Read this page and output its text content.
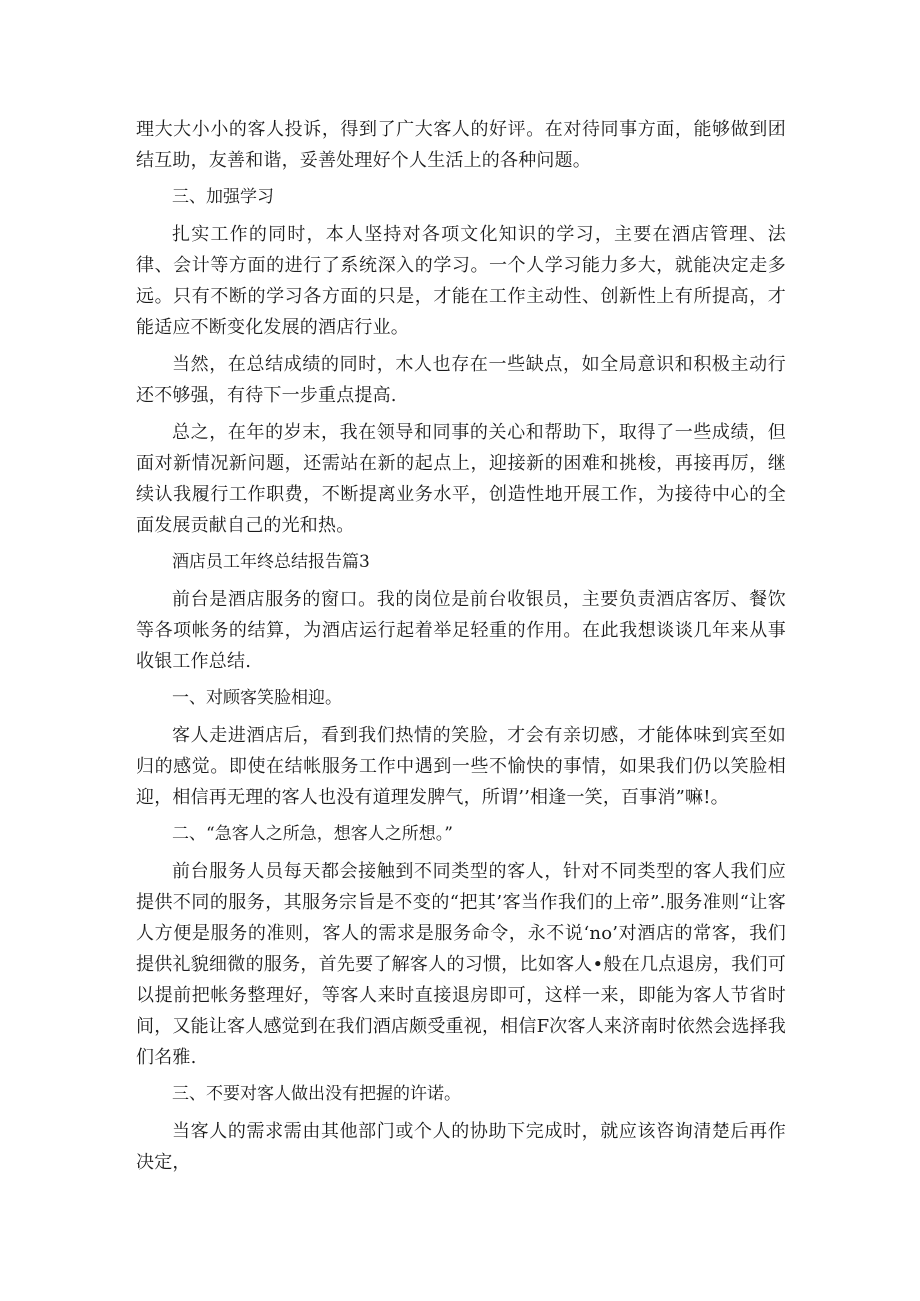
理大大小小的客人投诉，得到了广大客人的好评。在对待同事方面，能够做到团结互助，友善和谐，妥善处理好个人生活上的各种问题。

三、加强学习

扎实工作的同时，本人坚持对各项文化知识的学习，主要在酒店管理、法律、会计等方面的进行了系统深入的学习。一个人学习能力多大，就能决定走多远。只有不断的学习各方面的只是，才能在工作主动性、创新性上有所提高，才能适应不断变化发展的酒店行业。

当然，在总结成绩的同时，木人也存在一些缺点，如全局意识和积极主动行还不够强，有待下一步重点提高.

总之，在年的岁末，我在领导和同事的关心和帮助下，取得了一些成绩，但面对新情况新问题，还需站在新的起点上，迎接新的困难和挑梭，再接再厉，继续认我履行工作职费，不断提离业务水平，创造性地开展工作，为接待中心的全面发展贡献自己的光和热。

酒店员工年终总结报告篇3

前台是酒店服务的窗口。我的岗位是前台收银员，主要负责酒店客厉、餐饮等各项帐务的结算，为酒店运行起着举足轻重的作用。在此我想谈谈几年来从事收银工作总结.

一、对顾客笑脸相迎。

客人走进酒店后，看到我们热情的笑脸，才会有亲切感，才能体味到宾至如归的感觉。即使在结帐服务工作中遇到一些不愉快的事情，如果我们仍以笑脸相迎，相信再无理的客人也没有道理发脾气，所谓’’相逢一笑，百事消”嘛!。

二、“急客人之所急，想客人之所想。”

前台服务人员每天都会接触到不同类型的客人，针对不同类型的客人我们应提供不同的服务，其服务宗旨是不变的“把其’客当作我们的上帝”.服务准则“让客人方便是服务的准则，客人的需求是服务命令，永不说‘no’对酒店的常客，我们提供礼貌细微的服务，首先要了解客人的习惯，比如客人•般在几点退房，我们可以提前把帐务整理好，等客人来时直接退房即可，这样一来，即能为客人节省时间，又能让客人感觉到在我们酒店颇受重视，相信F次客人来济南时依然会选择我们名雅.

三、不要对客人做出没有把握的许诺。

当客人的需求需由其他部门或个人的协助下完成时，就应该咨询清楚后再作决定，
